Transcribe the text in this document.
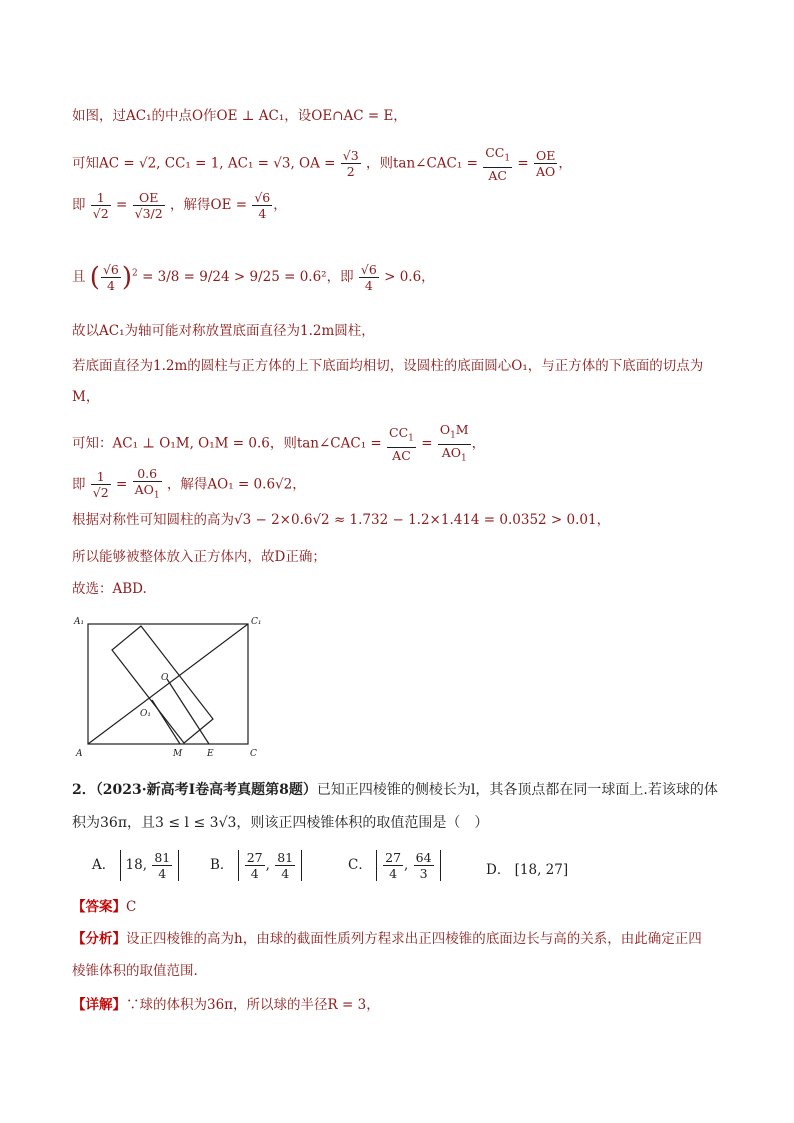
如图，过AC₁的中点O作OE ⊥ AC₁，设OE∩AC = E，
可知AC = √2, CC₁ = 1, AC₁ = √3, OA = $\frac{√3}{2}$ ，则tan∠CAC₁ = $\frac{CC_1}{AC} = \frac{OE}{AO}$ ，
即 $\frac{1}{√2} = \frac{OE}{√3/2}$ ，解得OE = $\frac{√6}{4}$ ，
且 ( $\frac{√6}{4} )^2 = 3/8 = 9/24 > 9/25 = 0.6^2$，即 $\frac{√6}{4} > 0.6$，
故以AC₁为轴可能对称放置底面直径为1.2m圆柱，
若底面直径为1.2m的圆柱与正方体的上下底面均相切，设圆柱的底面圆心O₁，与正方体的下底面的切点为
M，
可知：AC₁ ⊥ O₁M, O₁M = 0.6，则tan∠CAC₁ = $\frac{CC_1}{AC} = \frac{O_1M}{AO_1}$ ，
即 $\frac{1}{√2} = \frac{0.6}{AO_1}$ ，解得AO₁ = 0.6√2，
根据对称性可知圆柱的高为√3 − 2×0.6√2 ≈ 1.732 − 1.2×1.414 = 0.0352 > 0.01，
所以能够被整体放入正方体内，故D正确；
故选：ABD.
A₁	C₁
A	C
O
O₁
M	E
2．（2023·新高考Ⅰ卷高考真题第8题）已知正四棱锥的侧棱长为l，其各顶点都在同一球面上.若该球的体
积为36π，且3 ≤ l ≤ 3√3，则该正四棱锥体积的取值范围是（　）
A． 18, $\frac{81}{4}$	B． $\frac{27}{4}$ , $\frac{81}{4}$	C． $\frac{27}{4}$ , $\frac{64}{3}$	D． [18, 27]
【答案】C
【分析】设正四棱锥的高为h，由球的截面性质列方程求出正四棱锥的底面边长与高的关系，由此确定正四
棱锥体积的取值范围.
【详解】∵球的体积为36π，所以球的半径R = 3，
